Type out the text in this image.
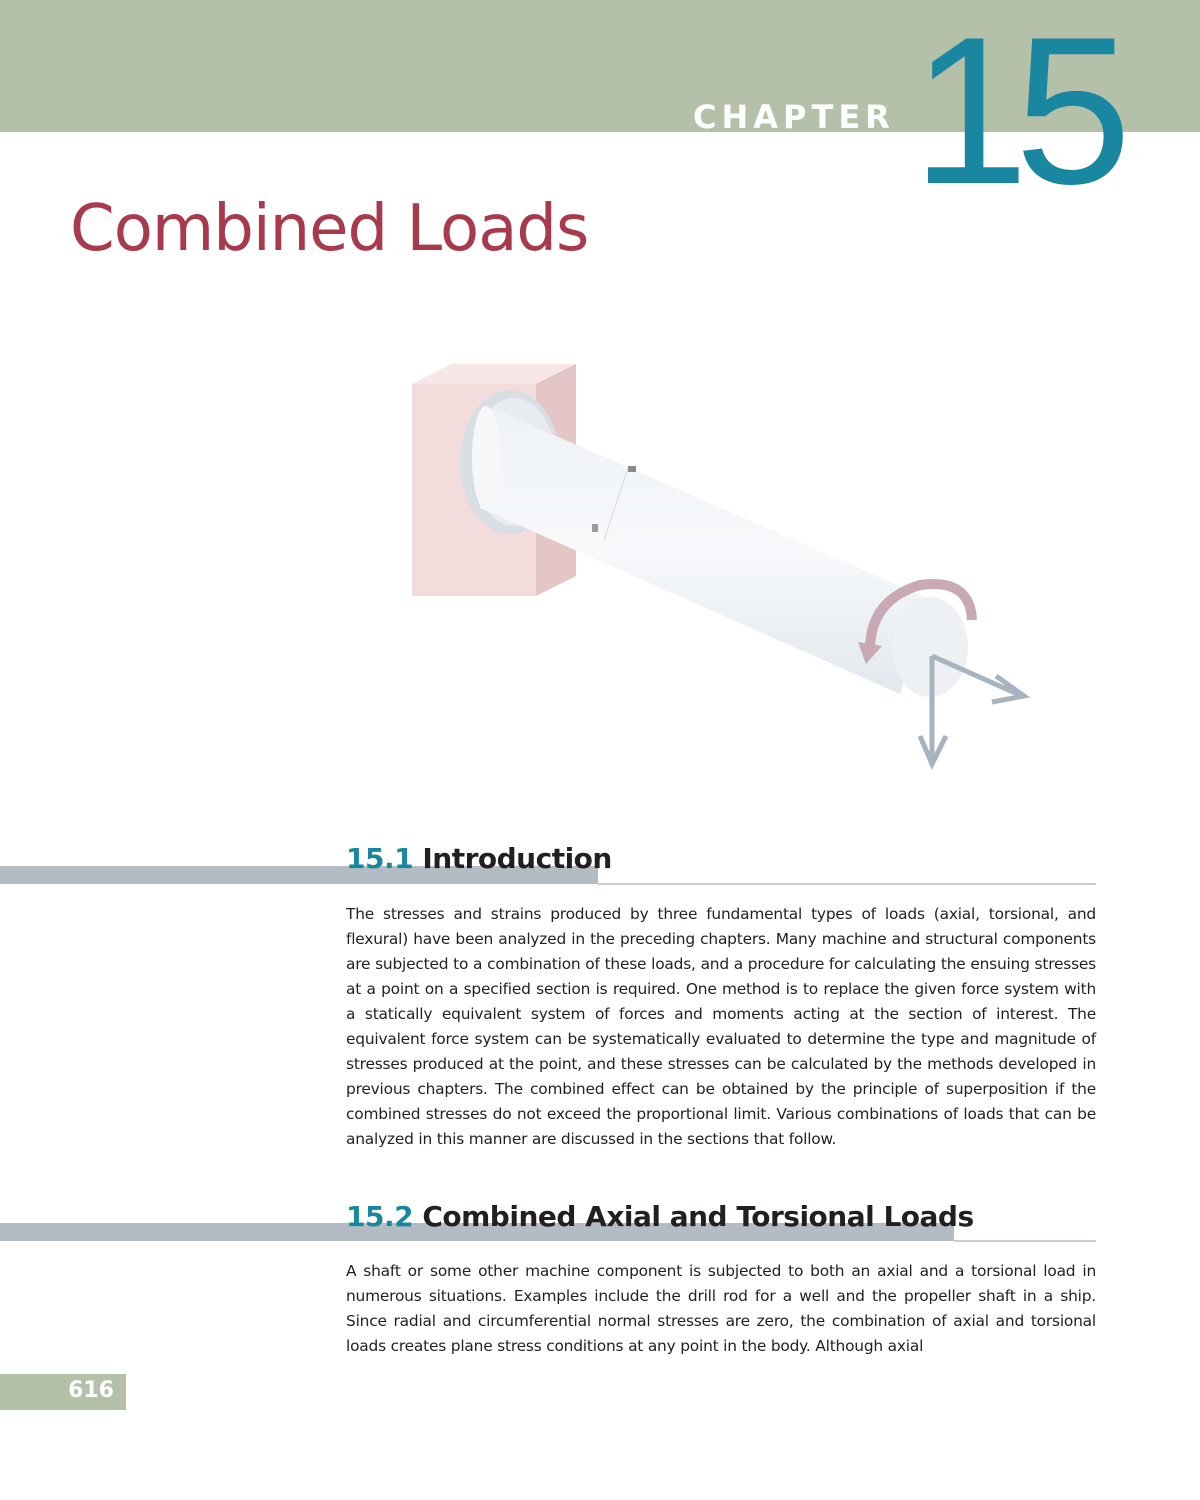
CHAPTER 15
Combined Loads
15.1 Introduction

The stresses and strains produced by three fundamental types of loads (axial, torsional, and flexural) have been analyzed in the preceding chapters. Many machine and structural components are subjected to a combination of these loads, and a procedure for calculating the ensuing stresses at a point on a specified section is required. One method is to replace the given force system with a statically equivalent system of forces and moments acting at the section of interest. The equivalent force system can be systematically evaluated to determine the type and magnitude of stresses produced at the point, and these stresses can be calculated by the methods developed in previous chapters. The combined effect can be obtained by the principle of superposition if the combined stresses do not exceed the proportional limit. Various combinations of loads that can be analyzed in this manner are discussed in the sections that follow.

15.2 Combined Axial and Torsional Loads

A shaft or some other machine component is subjected to both an axial and a torsional load in numerous situations. Examples include the drill rod for a well and the propeller shaft in a ship. Since radial and circumferential normal stresses are zero, the combination of axial and torsional loads creates plane stress conditions at any point in the body. Although axial

616
